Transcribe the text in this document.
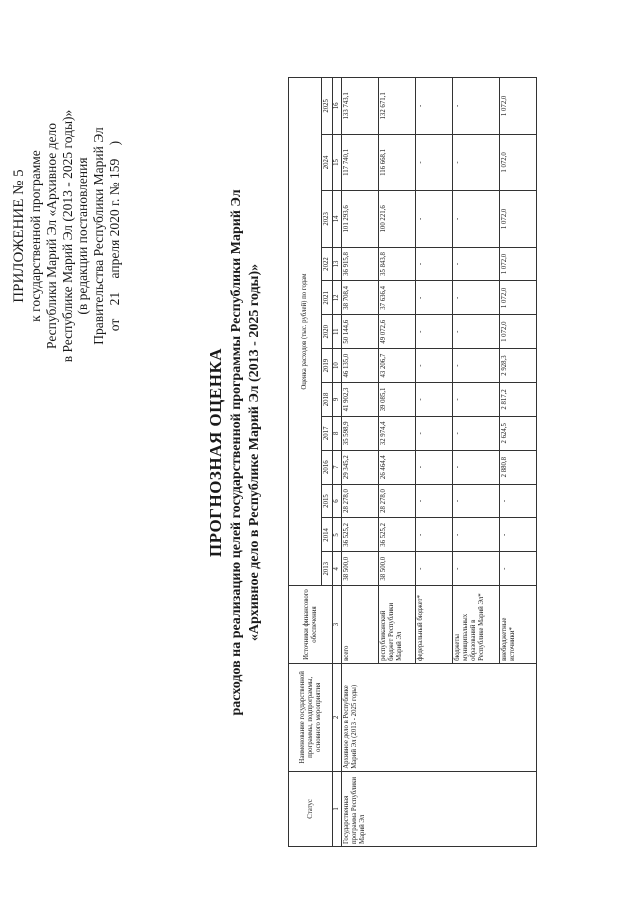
ПРИЛОЖЕНИЕ № 5 к государственной программе Республики Марий Эл «Архивное дело в Республике Марий Эл (2013 - 2025 годы)» (в редакции постановления Правительства Республики Марий Эл от 21 апреля 2020 г. № 159 )
ПРОГНОЗНАЯ ОЦЕНКА расходов на реализацию целей государственной программы Республики Марий Эл «Архивное дело в Республике Марий Эл (2013 - 2025 годы)»
Статус	Наименование государственной программы, подпрограммы, основного мероприятия	Источники финансового обеспечения	Оценка расходов (тыс. рублей) по годам												
			2013	2014	2015	2016	2017	2018	2019	2020	2021	2022	2023	2024	2025
1	2	3	4	5	6	7	8	9	10	11	12	13	14	15	16
Государственная программа Республики Марий Эл	Архивное дело в Республике Марий Эл (2013 - 2025 годы)	всего	38 500,0	36 525,2	28 278,0	29 345,2	35 598,9	41 902,3	46 135,0	50 144,6	38 708,4	36 915,8	101 293,6	117 740,1	133 743,1
		республиканский бюджет Республики Марий Эл	38 500,0	36 525,2	28 278,0	26 464,4	32 974,4	39 085,1	43 206,7	49 072,6	37 636,4	35 843,8	100 221,6	116 668,1	132 671,1
		федеральный бюджет*	-	-	-	-	-	-	-	-	-	-	-	-	-
		бюджеты муниципальных образований в Республике Марий Эл*	-	-	-	-	-	-	-	-	-	-	-	-	-
		внебюджетные источники*	-	-	-	2 880,8	2 624,5	2 817,2	2 928,3	1 072,0	1 072,0	1 072,0	1 072,0	1 072,0	1 072,0
